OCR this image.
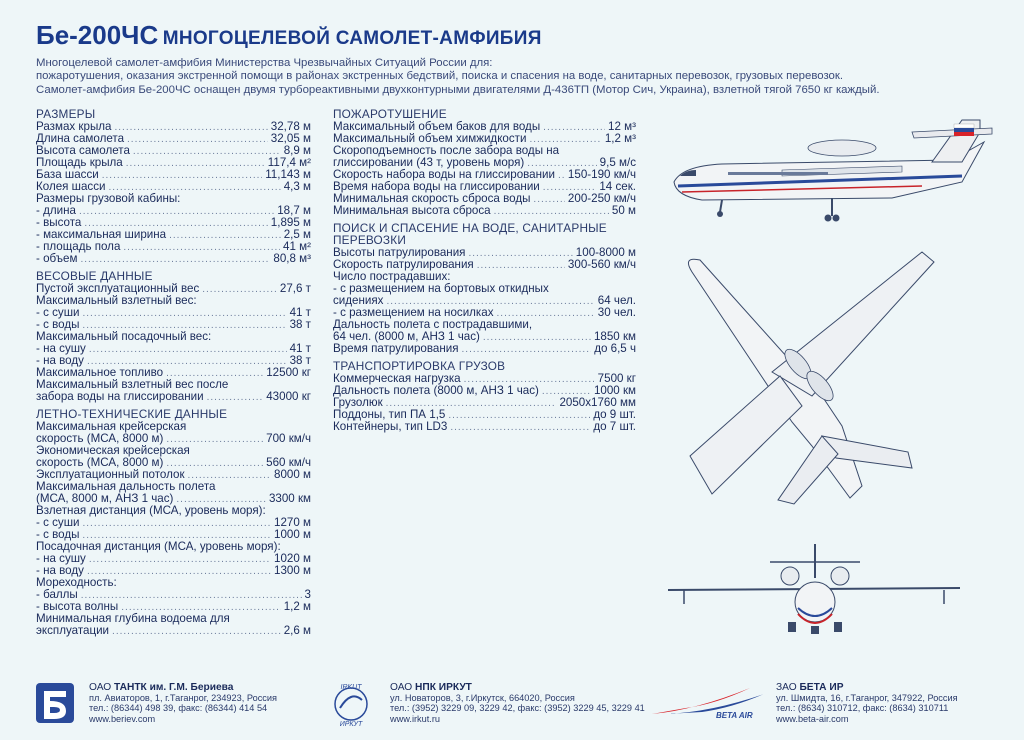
Бе-200ЧС МНОГОЦЕЛЕВОЙ САМОЛЕТ-АМФИБИЯ
Многоцелевой самолет-амфибия Министерства Чрезвычайных Ситуаций России для:
пожаротушения, оказания экстренной помощи в районах экстренных бедствий, поиска и спасения на воде, санитарных перевозок, грузовых перевозок.
Самолет-амфибия Бе-200ЧС оснащен двумя турбореактивными двухконтурными двигателями Д-436ТП (Мотор Сич, Украина), взлетной тягой 7650 кг каждый.
РАЗМЕРЫ
Размах крыла .....	32,78 м
Длина самолета .....	32,05 м
Высота самолета .....	8,9 м
Площадь крыла .....	117,4 м²
База шасси .....	11,143 м
Колея шасси .....	4,3 м
Размеры грузовой кабины:
- длина .....	18,7 м
- высота .....	1,895 м
- максимальная ширина .....	2,5 м
- площадь пола .....	41 м²
- объем .....	80,8 м³
ВЕСОВЫЕ ДАННЫЕ
Пустой эксплуатационный вес .....	27,6 т
Максимальный взлетный вес:
- с суши .....	41 т
- с воды .....	38 т
Максимальный посадочный вес:
- на сушу .....	41 т
- на воду .....	38 т
Максимальное топливо .....	12500 кг
Максимальный взлетный вес после
забора воды на глиссировании .....	43000 кг
ЛЕТНО-ТЕХНИЧЕСКИЕ ДАННЫЕ
Максимальная крейсерская
скорость (МСА, 8000 м) .....	700 км/ч
Экономическая крейсерская
скорость (МСА, 8000 м) .....	560 км/ч
Эксплуатационный потолок .....	8000 м
Максимальная дальность полета
(МСА, 8000 м, АНЗ 1 час) .....	3300 км
Взлетная дистанция (МСА, уровень моря):
- с суши .....	1270 м
- с воды .....	1000 м
Посадочная дистанция (МСА, уровень моря):
- на сушу .....	1020 м
- на воду .....	1300 м
Мореходность:
- баллы .....	3
- высота волны .....	1,2 м
Минимальная глубина водоема для
эксплуатации .....	2,6 м
ПОЖАРОТУШЕНИЕ
Максимальный объем баков для воды .....	12 м³
Максимальный объем химжидкости .....	1,2 м³
Скороподъемность после забора воды на
глиссировании (43 т, уровень моря) .....	9,5 м/с
Скорость набора воды на глиссировании ..... 150-190 км/ч
Время набора воды на глиссировании .....	14 сек.
Минимальная скорость сброса воды .....	200-250 км/ч
Минимальная высота сброса .....	50 м
ПОИСК И СПАСЕНИЕ НА ВОДЕ, САНИТАРНЫЕ ПЕРЕВОЗКИ
Высоты патрулирования .....	100-8000 м
Скорость патрулирования .....	300-560 км/ч
Число пострадавших:
- с размещением на бортовых откидных
сидениях .....	64 чел.
- с размещением на носилках .....	30 чел.
Дальность полета с пострадавшими,
64 чел. (8000 м, АНЗ 1 час) .....	1850 км
Время патрулирования .....	до 6,5 ч
ТРАНСПОРТИРОВКА ГРУЗОВ
Коммерческая нагрузка .....	7500 кг
Дальность полета (8000 м, АНЗ 1 час) .....	1000 км
Грузолюк .....	2050х1760 мм
Поддоны, тип ПА 1,5 .....	до 9 шт.
Контейнеры, тип LD3 .....	до 7 шт.
ОАО ТАНТК им. Г.М. Бериева
пл. Авиаторов, 1, г.Таганрог, 234923, Россия
тел.: (86344) 498 39, факс: (86344) 414 54
www.beriev.com
IRKUT
ИРКУТ
ОАО НПК ИРКУТ
ул. Новаторов, 3, г.Иркутск, 664020, Россия
тел.: (3952) 3229 09, 3229 42, факс: (3952) 3229 45, 3229 41
www.irkut.ru	BETA AIR
ЗАО БЕТА ИР
ул. Шмидта, 16, г.Таганрог, 347922, Россия
тел.: (8634) 310712, факс: (8634) 310711
www.beta-air.com
